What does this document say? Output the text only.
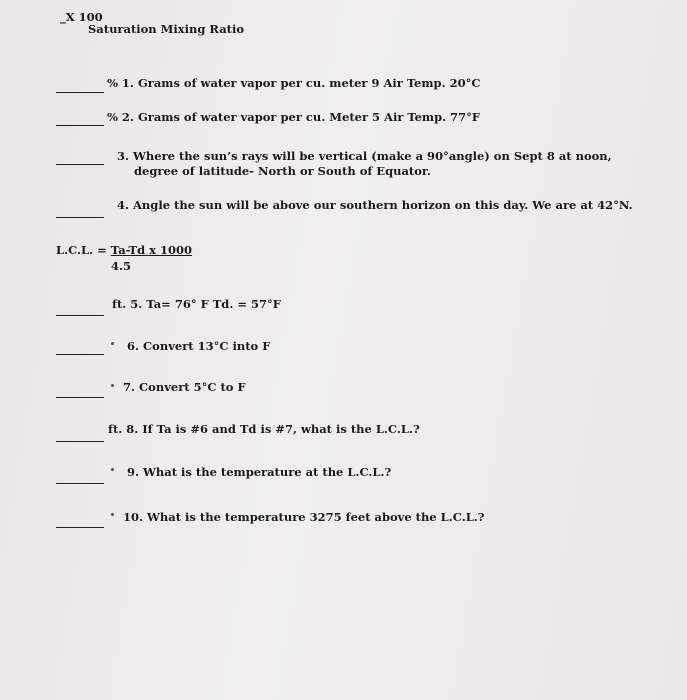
_X 100
Saturation Mixing Ratio
% 1. Grams of water vapor per cu. meter 9 Air Temp. 20°C
% 2. Grams of water vapor per cu. Meter 5 Air Temp. 77°F
3. Where the sun’s rays will be vertical (make a 90°angle) on Sept 8 at noon,
degree of latitude- North or South of Equator.
4. Angle the sun will be above our southern horizon on this day. We are at 42°N.
L.C.L. = Ta-Td x 1000
4.5
ft. 5. Ta= 76° F Td. = 57°F
6. Convert 13°C into F
7. Convert 5°C to F
ft. 8. If Ta is #6 and Td is #7, what is the L.C.L.?
9. What is the temperature at the L.C.L.?
10. What is the temperature 3275 feet above the L.C.L.?
